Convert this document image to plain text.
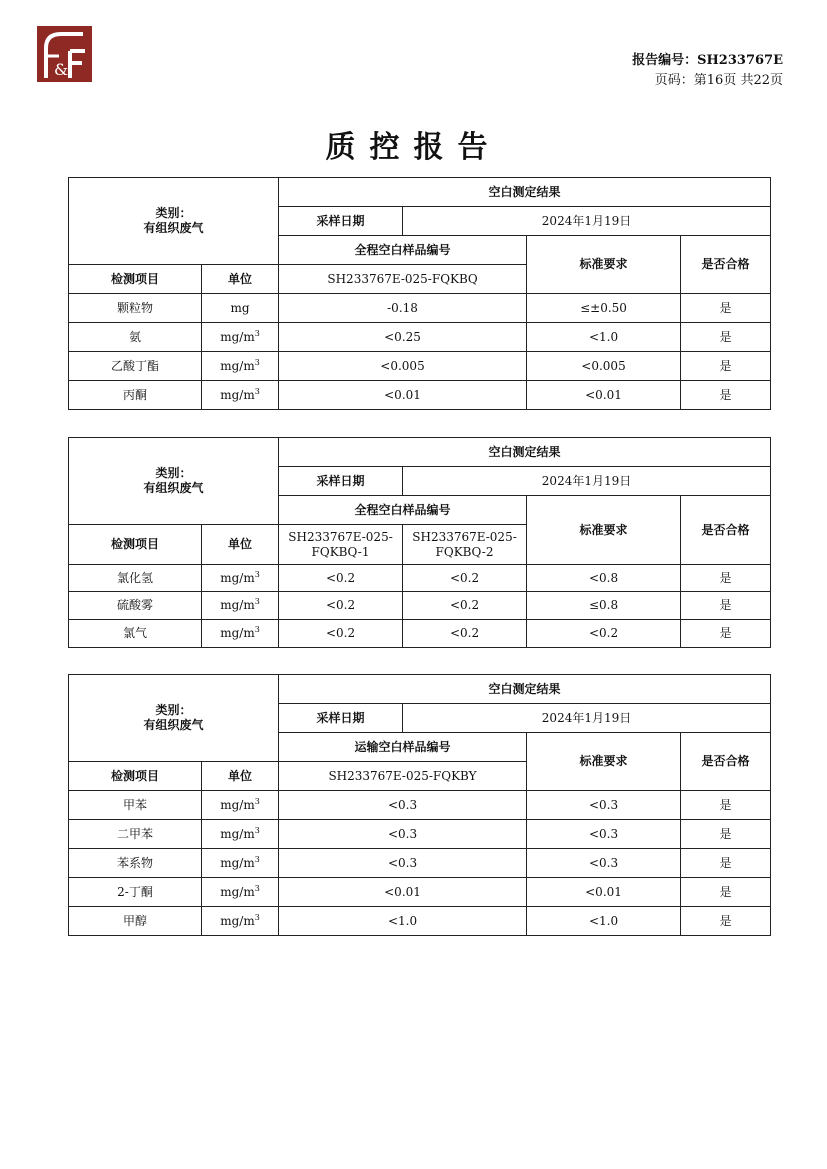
&	报告编号：SH233767E
页码：第16页 共22页
质控报告
类别：
有组织废气		空白测定结果			
		采样日期	2024年1月19日		
		全程空白样品编号		标准要求	是否合格
检测项目	单位	SH233767E-025-FQKBQ			
颗粒物	mg	-0.18		≤±0.50	是
氨	$mg/m^3$	<0.25		<1.0	是
乙酸丁酯	$mg/m^3$	<0.005		<0.005	是
丙酮	$mg/m^3$	<0.01		<0.01	是
类别：
有组织废气		空白测定结果			
		采样日期	2024年1月19日		
		全程空白样品编号		标准要求	是否合格
检测项目	单位	SH233767E-025-FQKBQ-1	SH233767E-025-FQKBQ-2		
氯化氢	$mg/m^3$	<0.2	<0.2	<0.8	是
硫酸雾	$mg/m^3$	<0.2	<0.2	≤0.8	是
氯气	$mg/m^3$	<0.2	<0.2	<0.2	是
类别：
有组织废气		空白测定结果			
		采样日期	2024年1月19日		
		运输空白样品编号		标准要求	是否合格
检测项目	单位	SH233767E-025-FQKBY			
甲苯	$mg/m^3$	<0.3		<0.3	是
二甲苯	$mg/m^3$	<0.3		<0.3	是
苯系物	$mg/m^3$	<0.3		<0.3	是
2-丁酮	$mg/m^3$	<0.01		<0.01	是
甲醇	$mg/m^3$	<1.0		<1.0	是
